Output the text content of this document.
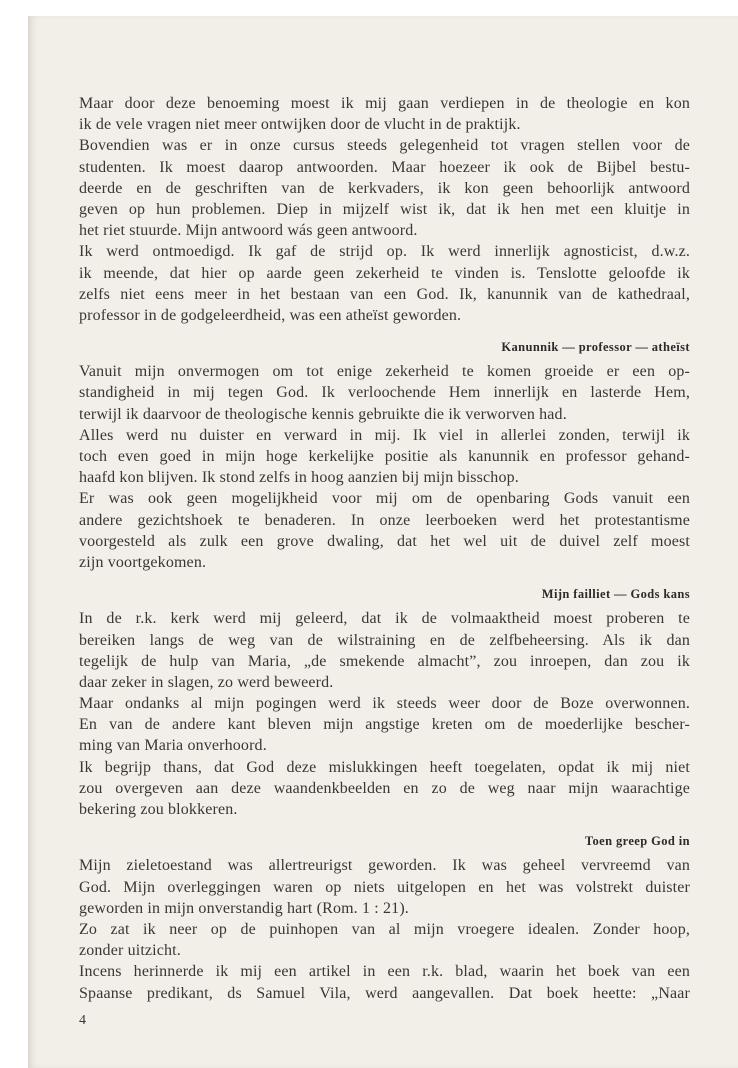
Maar door deze benoeming moest ik mij gaan verdiepen in de theologie en kon
ik de vele vragen niet meer ontwijken door de vlucht in de praktijk.
Bovendien was er in onze cursus steeds gelegenheid tot vragen stellen voor de
studenten. Ik moest daarop antwoorden. Maar hoezeer ik ook de Bijbel bestu-
deerde en de geschriften van de kerkvaders, ik kon geen behoorlijk antwoord
geven op hun problemen. Diep in mijzelf wist ik, dat ik hen met een kluitje in
het riet stuurde. Mijn antwoord wás geen antwoord.
Ik werd ontmoedigd. Ik gaf de strijd op. Ik werd innerlijk agnosticist, d.w.z.
ik meende, dat hier op aarde geen zekerheid te vinden is. Tenslotte geloofde ik
zelfs niet eens meer in het bestaan van een God. Ik, kanunnik van de kathedraal,
professor in de godgeleerdheid, was een atheïst geworden.
Kanunnik — professor — atheïst
Vanuit mijn onvermogen om tot enige zekerheid te komen groeide er een op-
standigheid in mij tegen God. Ik verloochende Hem innerlijk en lasterde Hem,
terwijl ik daarvoor de theologische kennis gebruikte die ik verworven had.
Alles werd nu duister en verward in mij. Ik viel in allerlei zonden, terwijl ik
toch even goed in mijn hoge kerkelijke positie als kanunnik en professor gehand-
haafd kon blijven. Ik stond zelfs in hoog aanzien bij mijn bisschop.
Er was ook geen mogelijkheid voor mij om de openbaring Gods vanuit een
andere gezichtshoek te benaderen. In onze leerboeken werd het protestantisme
voorgesteld als zulk een grove dwaling, dat het wel uit de duivel zelf moest
zijn voortgekomen.
Mijn failliet — Gods kans
In de r.k. kerk werd mij geleerd, dat ik de volmaaktheid moest proberen te
bereiken langs de weg van de wilstraining en de zelfbeheersing. Als ik dan
tegelijk de hulp van Maria, „de smekende almacht”, zou inroepen, dan zou ik
daar zeker in slagen, zo werd beweerd.
Maar ondanks al mijn pogingen werd ik steeds weer door de Boze overwonnen.
En van de andere kant bleven mijn angstige kreten om de moederlijke bescher-
ming van Maria onverhoord.
Ik begrijp thans, dat God deze mislukkingen heeft toegelaten, opdat ik mij niet
zou overgeven aan deze waandenkbeelden en zo de weg naar mijn waarachtige
bekering zou blokkeren.
Toen greep God in
Mijn zieletoestand was allertreurigst geworden. Ik was geheel vervreemd van
God. Mijn overleggingen waren op niets uitgelopen en het was volstrekt duister
geworden in mijn onverstandig hart (Rom. 1 : 21).
Zo zat ik neer op de puinhopen van al mijn vroegere idealen. Zonder hoop,
zonder uitzicht.
Incens herinnerde ik mij een artikel in een r.k. blad, waarin het boek van een
Spaanse predikant, ds Samuel Vila, werd aangevallen. Dat boek heette: „Naar
4
